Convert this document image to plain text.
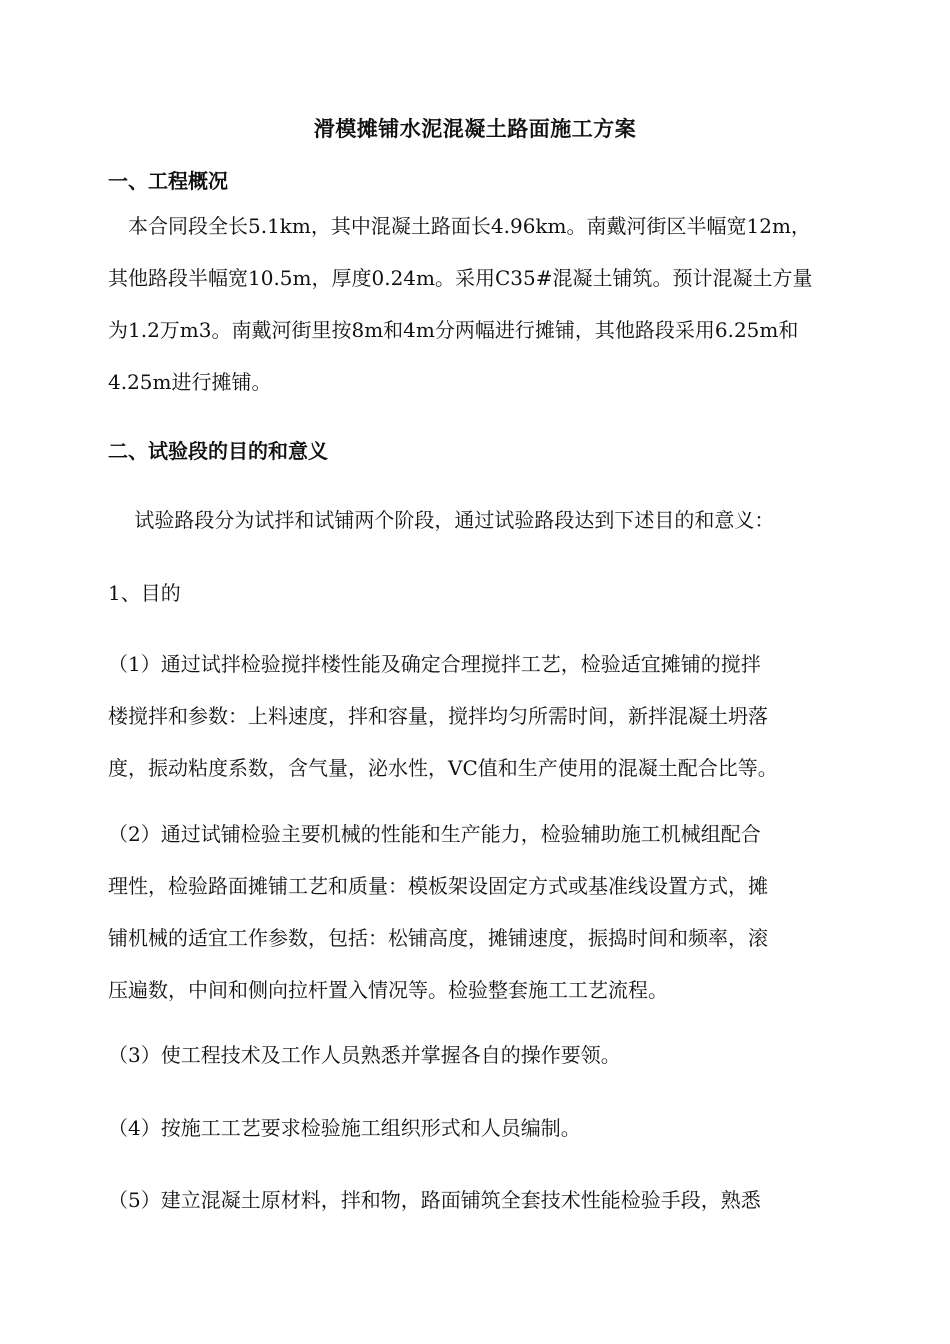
滑模摊铺水泥混凝土路面施工方案
一、工程概况
　本合同段全长5.1km，其中混凝土路面长4.96km。南戴河街区半幅宽12m，
其他路段半幅宽10.5m，厚度0.24m。采用C35#混凝土铺筑。预计混凝土方量
为1.2万m3。南戴河街里按8m和4m分两幅进行摊铺，其他路段采用6.25m和
4.25m进行摊铺。
二、试验段的目的和意义
　 试验路段分为试拌和试铺两个阶段，通过试验路段达到下述目的和意义：
1、目的
（1）通过试拌检验搅拌楼性能及确定合理搅拌工艺，检验适宜摊铺的搅拌
楼搅拌和参数：上料速度，拌和容量，搅拌均匀所需时间，新拌混凝土坍落
度，振动粘度系数，含气量，泌水性，VC值和生产使用的混凝土配合比等。
（2）通过试铺检验主要机械的性能和生产能力，检验辅助施工机械组配合
理性，检验路面摊铺工艺和质量：模板架设固定方式或基准线设置方式，摊
铺机械的适宜工作参数，包括：松铺高度，摊铺速度，振捣时间和频率，滚
压遍数，中间和侧向拉杆置入情况等。检验整套施工工艺流程。
（3）使工程技术及工作人员熟悉并掌握各自的操作要领。
（4）按施工工艺要求检验施工组织形式和人员编制。
（5）建立混凝土原材料，拌和物，路面铺筑全套技术性能检验手段，熟悉
